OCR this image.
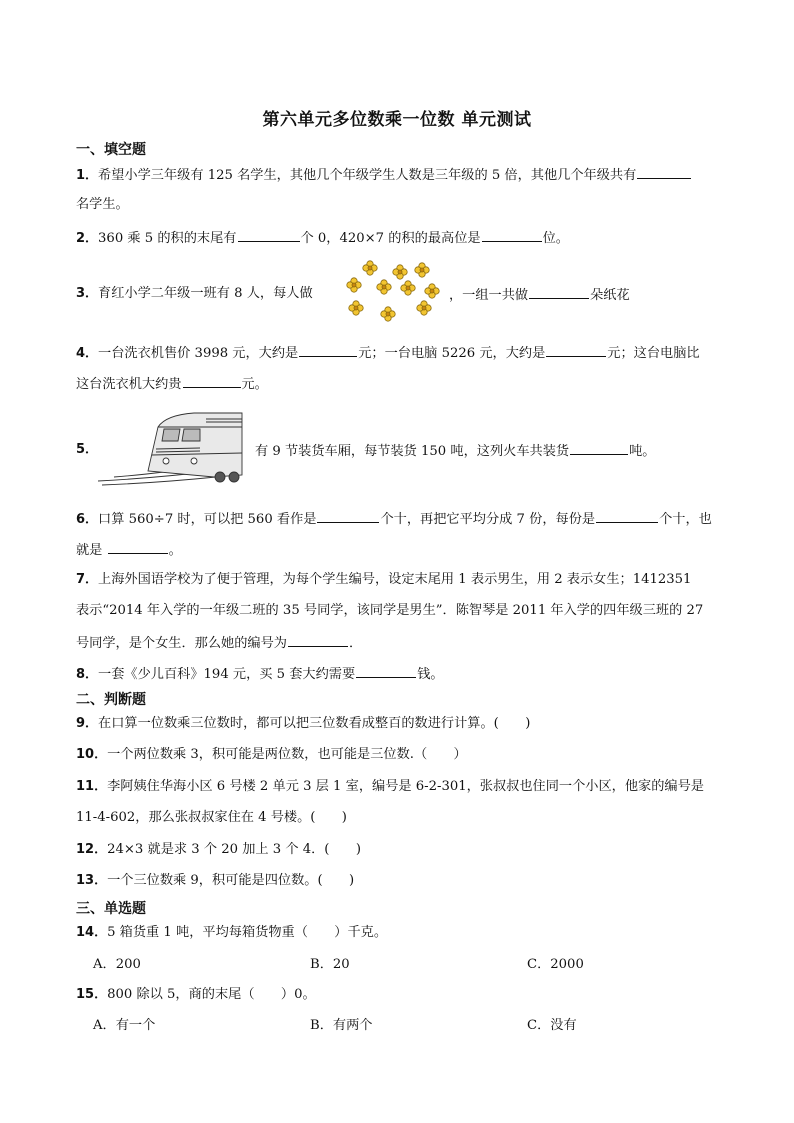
第六单元多位数乘一位数 单元测试
一、填空题
1．希望小学三年级有 125 名学生，其他几个年级学生人数是三年级的 5 倍，其他几个年级共有
名学生。
2．360 乘 5 的积的末尾有	个 0，420×7 的积的最高位是	位。
3．育红小学二年级一班有 8 人，每人做	，一组一共做	朵纸花
4．一台洗衣机售价 3998 元，大约是	元；一台电脑 5226 元，大约是	元；这台电脑比
这台洗衣机大约贵	元。
5．	有 9 节装货车厢，每节装货 150 吨，这列火车共装货	吨。
6．口算 560÷7 时，可以把 560 看作是	个十，再把它平均分成 7 份，每份是	个十，也
就是	。
7．上海外国语学校为了便于管理，为每个学生编号，设定末尾用 1 表示男生，用 2 表示女生；1412351
表示“2014 年入学的一年级二班的 35 号同学，该同学是男生”．陈智琴是 2011 年入学的四年级三班的 27
号同学，是个女生．那么她的编号为	．
8．一套《少儿百科》194 元，买 5 套大约需要	钱。
二、判断题
9．在口算一位数乘三位数时，都可以把三位数看成整百的数进行计算。(　　)
10．一个两位数乘 3，积可能是两位数，也可能是三位数.（　　）
11．李阿姨住华海小区 6 号楼 2 单元 3 层 1 室，编号是 6-2-301，张叔叔也住同一个小区，他家的编号是
11-4-602，那么张叔叔家住在 4 号楼。(　　)
12．24×3 就是求 3 个 20 加上 3 个 4．(　　)
13．一个三位数乘 9，积可能是四位数。(　　)
三、单选题
14．5 箱货重 1 吨，平均每箱货物重（　　）千克。
A．200	B．20	C．2000
15．800 除以 5，商的末尾（　　）0。
A．有一个	B．有两个	C．没有
